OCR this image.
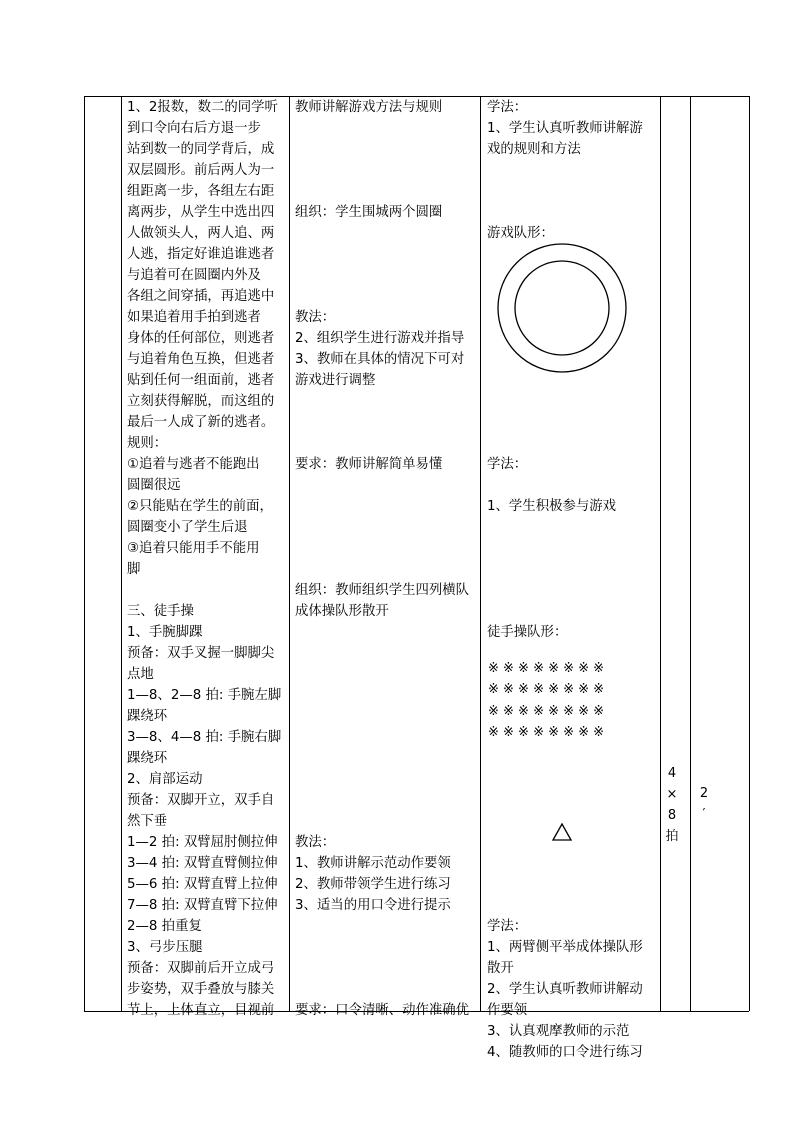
1、2报数，数二的同学听
到口令向右后方退一步
站到数一的同学背后，成
双层圆形。前后两人为一
组距离一步，各组左右距
离两步，从学生中选出四
人做领头人，两人追、两
人逃，指定好谁追谁逃者
与追着可在圆圈内外及
各组之间穿插，再追逃中
如果追着用手拍到逃者
身体的任何部位，则逃者
与追着角色互换，但逃者
贴到任何一组面前，逃者
立刻获得解脱，而这组的
最后一人成了新的逃者。
规则：
①追着与逃者不能跑出
圆圈很远
②只能贴在学生的前面，
圆圈变小了学生后退
③追着只能用手不能用
脚
三、徒手操
1、手腕脚踝
预备：双手叉握一脚脚尖
点地
1—8、2—8 拍: 手腕左脚
踝绕环
3—8、4—8 拍: 手腕右脚
踝绕环
2、肩部运动
预备：双脚开立，双手自
然下垂
1—2 拍: 双臂屈肘侧拉伸
3—4 拍: 双臂直臂侧拉伸
5—6 拍: 双臂直臂上拉伸
7—8 拍: 双臂直臂下拉伸
2—8 拍重复
3、弓步压腿
预备：双脚前后开立成弓
步姿势，双手叠放与膝关
节上，上体直立，目视前
教师讲解游戏方法与规则
组织：学生围城两个圆圈
教法：
2、组织学生进行游戏并指导
3、教师在具体的情况下可对
游戏进行调整
要求：教师讲解简单易懂
组织：教师组织学生四列横队
成体操队形散开
教法：
1、教师讲解示范动作要领
2、教师带领学生进行练习
3、适当的用口令进行提示
要求：口令清晰、动作准确优
学法：
1、学生认真听教师讲解游
戏的规则和方法
游戏队形：
学法：
1、学生积极参与游戏
徒手操队形：
学法：
1、两臂侧平举成体操队形
散开
2、学生认真听教师讲解动
作要领
3、认真观摩教师的示范
4、随教师的口令进行练习
※ ※ ※ ※ ※ ※ ※ ※
※ ※ ※ ※ ※ ※ ※ ※
※ ※ ※ ※ ※ ※ ※ ※
※ ※ ※ ※ ※ ※ ※ ※
4
×
8
拍
2
′
